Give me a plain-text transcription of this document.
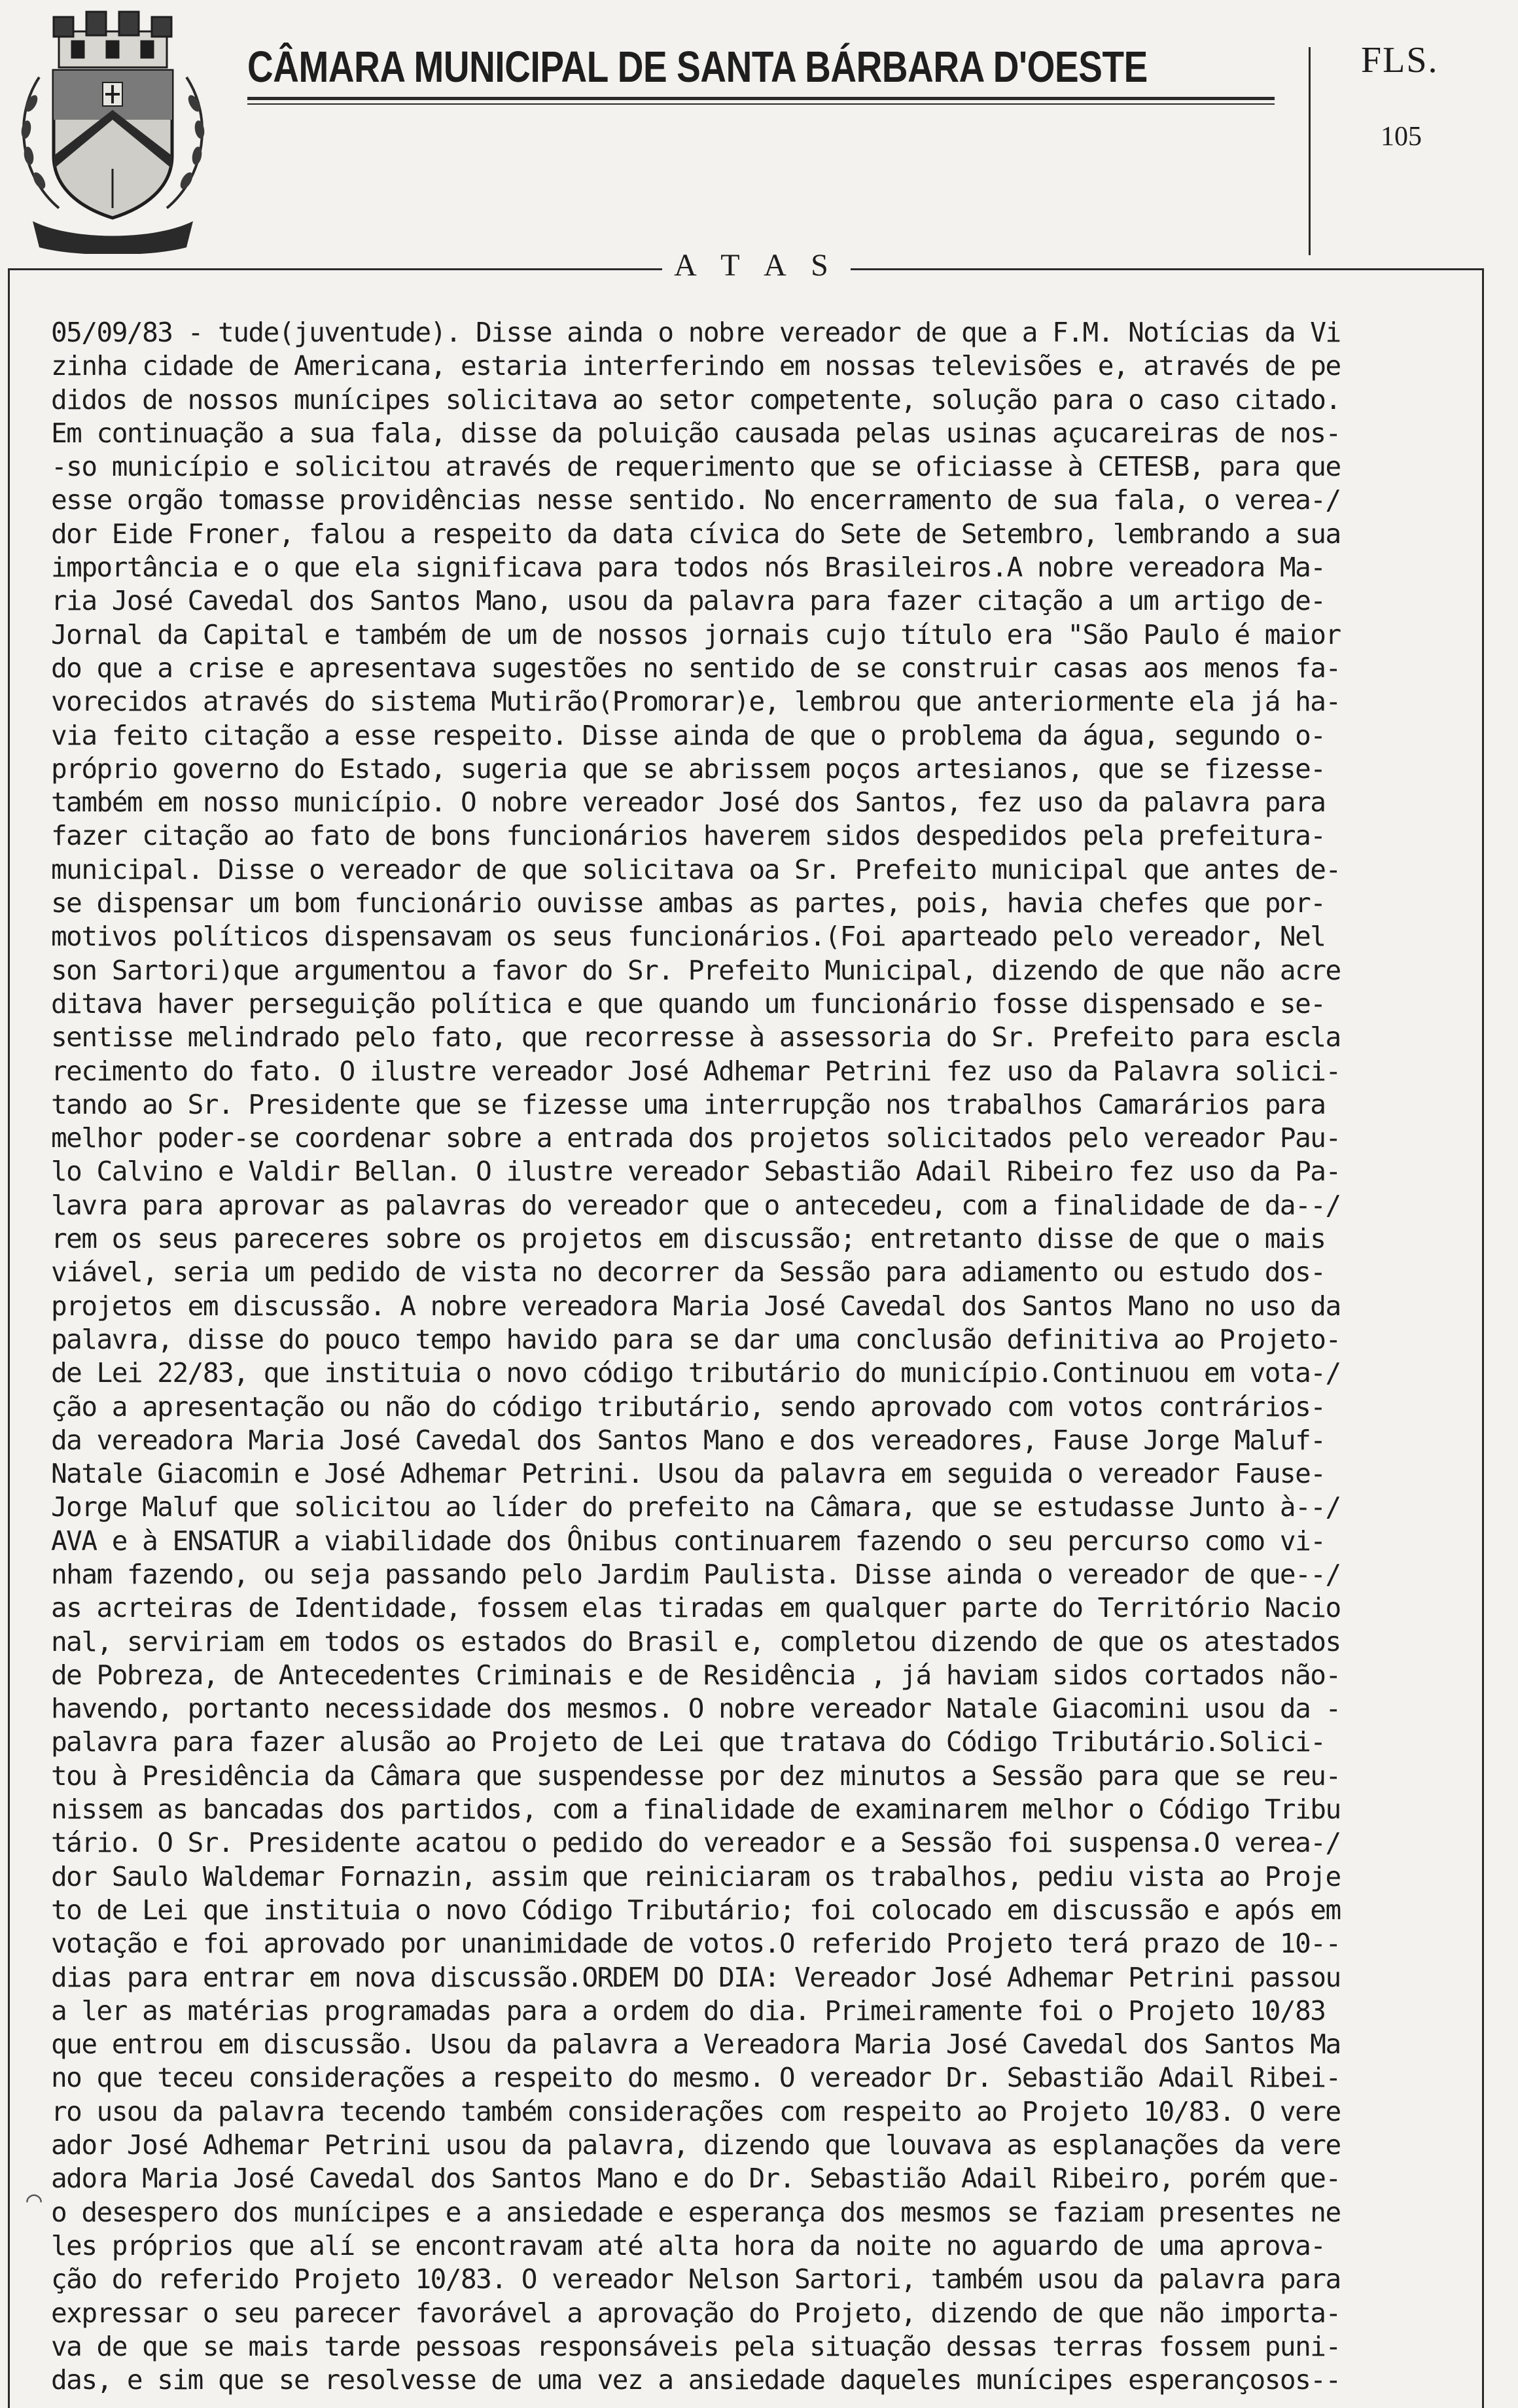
CÂMARA MUNICIPAL DE SANTA BÁRBARA D'OESTE	FLS.
105
A T A S
05/09/83 - tude(juventude). Disse ainda o nobre vereador de que a F.M. Notícias da Vi
zinha cidade de Americana, estaria interferindo em nossas televisões e, através de pe
didos de nossos munícipes solicitava ao setor competente, solução para o caso citado.
Em continuação a sua fala, disse da poluição causada pelas usinas açucareiras de nos-
-so município e solicitou através de requerimento que se oficiasse à CETESB, para que
esse orgão tomasse providências nesse sentido. No encerramento de sua fala, o verea-/
dor Eide Froner, falou a respeito da data cívica do Sete de Setembro, lembrando a sua
importância e o que ela significava para todos nós Brasileiros.A nobre vereadora Ma-
ria José Cavedal dos Santos Mano, usou da palavra para fazer citação a um artigo de-
Jornal da Capital e também de um de nossos jornais cujo título era "São Paulo é maior
do que a crise e apresentava sugestões no sentido de se construir casas aos menos fa-
vorecidos através do sistema Mutirão(Promorar)e, lembrou que anteriormente ela já ha-
via feito citação a esse respeito. Disse ainda de que o problema da água, segundo o-
próprio governo do Estado, sugeria que se abrissem poços artesianos, que se fizesse-
também em nosso município. O nobre vereador José dos Santos, fez uso da palavra para
fazer citação ao fato de bons funcionários haverem sidos despedidos pela prefeitura-
municipal. Disse o vereador de que solicitava oa Sr. Prefeito municipal que antes de-
se dispensar um bom funcionário ouvisse ambas as partes, pois, havia chefes que por-
motivos políticos dispensavam os seus funcionários.(Foi aparteado pelo vereador, Nel
son Sartori)que argumentou a favor do Sr. Prefeito Municipal, dizendo de que não acre
ditava haver perseguição política e que quando um funcionário fosse dispensado e se-
sentisse melindrado pelo fato, que recorresse à assessoria do Sr. Prefeito para escla
recimento do fato. O ilustre vereador José Adhemar Petrini fez uso da Palavra solici-
tando ao Sr. Presidente que se fizesse uma interrupção nos trabalhos Camarários para
melhor poder-se coordenar sobre a entrada dos projetos solicitados pelo vereador Pau-
lo Calvino e Valdir Bellan. O ilustre vereador Sebastião Adail Ribeiro fez uso da Pa-
lavra para aprovar as palavras do vereador que o antecedeu, com a finalidade de da--/
rem os seus pareceres sobre os projetos em discussão; entretanto disse de que o mais
viável, seria um pedido de vista no decorrer da Sessão para adiamento ou estudo dos-
projetos em discussão. A nobre vereadora Maria José Cavedal dos Santos Mano no uso da
palavra, disse do pouco tempo havido para se dar uma conclusão definitiva ao Projeto-
de Lei 22/83, que instituia o novo código tributário do município.Continuou em vota-/
ção a apresentação ou não do código tributário, sendo aprovado com votos contrários-
da vereadora Maria José Cavedal dos Santos Mano e dos vereadores, Fause Jorge Maluf-
Natale Giacomin e José Adhemar Petrini. Usou da palavra em seguida o vereador Fause-
Jorge Maluf que solicitou ao líder do prefeito na Câmara, que se estudasse Junto à--/
AVA e à ENSATUR a viabilidade dos Ônibus continuarem fazendo o seu percurso como vi-
nham fazendo, ou seja passando pelo Jardim Paulista. Disse ainda o vereador de que--/
as acrteiras de Identidade, fossem elas tiradas em qualquer parte do Território Nacio
nal, serviriam em todos os estados do Brasil e, completou dizendo de que os atestados
de Pobreza, de Antecedentes Criminais e de Residência , já haviam sidos cortados não-
havendo, portanto necessidade dos mesmos. O nobre vereador Natale Giacomini usou da -
palavra para fazer alusão ao Projeto de Lei que tratava do Código Tributário.Solici-
tou à Presidência da Câmara que suspendesse por dez minutos a Sessão para que se reu-
nissem as bancadas dos partidos, com a finalidade de examinarem melhor o Código Tribu
tário. O Sr. Presidente acatou o pedido do vereador e a Sessão foi suspensa.O verea-/
dor Saulo Waldemar Fornazin, assim que reiniciaram os trabalhos, pediu vista ao Proje
to de Lei que instituia o novo Código Tributário; foi colocado em discussão e após em
votação e foi aprovado por unanimidade de votos.O referido Projeto terá prazo de 10--
dias para entrar em nova discussão.ORDEM DO DIA: Vereador José Adhemar Petrini passou
a ler as matérias programadas para a ordem do dia. Primeiramente foi o Projeto 10/83
que entrou em discussão. Usou da palavra a Vereadora Maria José Cavedal dos Santos Ma
no que teceu considerações a respeito do mesmo. O vereador Dr. Sebastião Adail Ribei-
ro usou da palavra tecendo também considerações com respeito ao Projeto 10/83. O vere
ador José Adhemar Petrini usou da palavra, dizendo que louvava as esplanações da vere
adora Maria José Cavedal dos Santos Mano e do Dr. Sebastião Adail Ribeiro, porém que-
o desespero dos munícipes e a ansiedade e esperança dos mesmos se faziam presentes ne
les próprios que alí se encontravam até alta hora da noite no aguardo de uma aprova-
ção do referido Projeto 10/83. O vereador Nelson Sartori, também usou da palavra para
expressar o seu parecer favorável a aprovação do Projeto, dizendo de que não importa-
va de que se mais tarde pessoas responsáveis pela situação dessas terras fossem puni-
das, e sim que se resolvesse de uma vez a ansiedade daqueles munícipes esperançosos--
⌒
